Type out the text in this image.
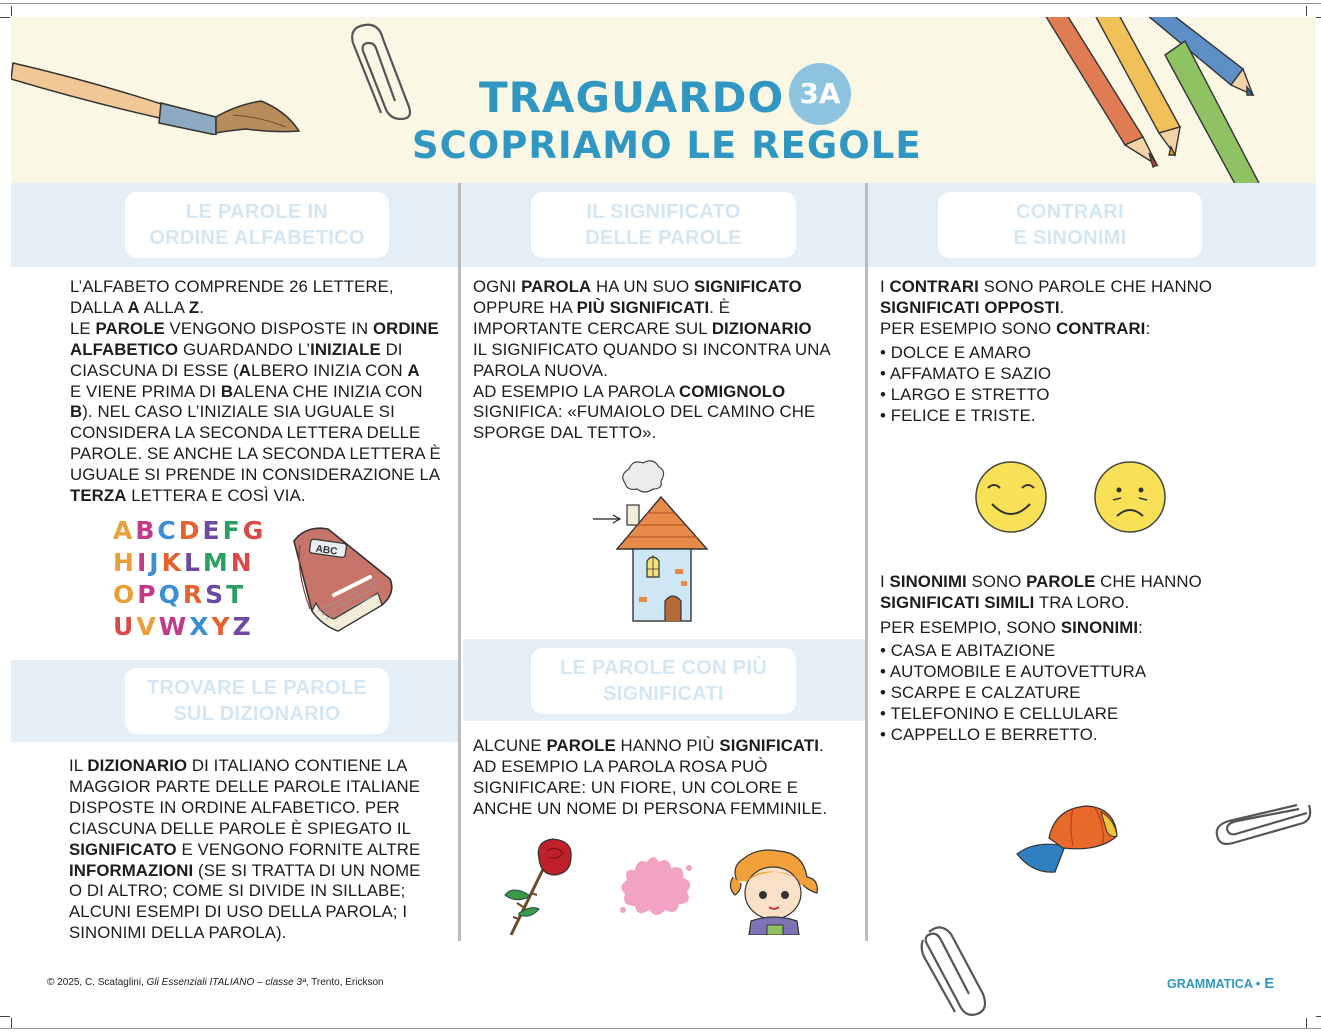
TRAGUARDO 3A
SCOPRIAMO LE REGOLE
LE PAROLE IN
ORDINE ALFABETICO
IL SIGNIFICATO
DELLE PAROLE
CONTRARI
E SINONIMI
TROVARE LE PAROLE
SUL DIZIONARIO
LE PAROLE CON PIÙ
SIGNIFICATI
L’ALFABETO COMPRENDE 26 LETTERE,
DALLA A ALLA Z.
LE PAROLE VENGONO DISPOSTE IN ORDINE
ALFABETICO GUARDANDO L’INIZIALE DI
CIASCUNA DI ESSE (ALBERO INIZIA CON A
E VIENE PRIMA DI BALENA CHE INIZIA CON
B). NEL CASO L’INIZIALE SIA UGUALE SI
CONSIDERA LA SECONDA LETTERA DELLE
PAROLE. SE ANCHE LA SECONDA LETTERA È
UGUALE SI PRENDE IN CONSIDERAZIONE LA
TERZA LETTERA E COSÌ VIA.
IL DIZIONARIO DI ITALIANO CONTIENE LA
MAGGIOR PARTE DELLE PAROLE ITALIANE
DISPOSTE IN ORDINE ALFABETICO. PER
CIASCUNA DELLE PAROLE È SPIEGATO IL
SIGNIFICATO E VENGONO FORNITE ALTRE
INFORMAZIONI (SE SI TRATTA DI UN NOME
O DI ALTRO; COME SI DIVIDE IN SILLABE;
ALCUNI ESEMPI DI USO DELLA PAROLA; I
SINONIMI DELLA PAROLA).
OGNI PAROLA HA UN SUO SIGNIFICATO
OPPURE HA PIÙ SIGNIFICATI. È
IMPORTANTE CERCARE SUL DIZIONARIO
IL SIGNIFICATO QUANDO SI INCONTRA UNA
PAROLA NUOVA.
AD ESEMPIO LA PAROLA COMIGNOLO
SIGNIFICA: «FUMAIOLO DEL CAMINO CHE
SPORGE DAL TETTO».
ALCUNE PAROLE HANNO PIÙ SIGNIFICATI.
AD ESEMPIO LA PAROLA ROSA PUÒ
SIGNIFICARE: UN FIORE, UN COLORE E
ANCHE UN NOME DI PERSONA FEMMINILE.
I CONTRARI SONO PAROLE CHE HANNO
SIGNIFICATI OPPOSTI.
PER ESEMPIO SONO CONTRARI:
• DOLCE E AMARO
• AFFAMATO E SAZIO
• LARGO E STRETTO
• FELICE E TRISTE.
I SINONIMI SONO PAROLE CHE HANNO
SIGNIFICATI SIMILI TRA LORO.
PER ESEMPIO, SONO SINONIMI:
• CASA E ABITAZIONE
• AUTOMOBILE E AUTOVETTURA
• SCARPE E CALZATURE
• TELEFONINO E CELLULARE
• CAPPELLO E BERRETTO.
ABCDEFG
HIJKLMN
OPQRST
UVWXYZ
ABC
© 2025, C. Scataglini, Gli Essenziali ITALIANO – classe 3ª, Trento, Erickson	GRAMMATICA • E
